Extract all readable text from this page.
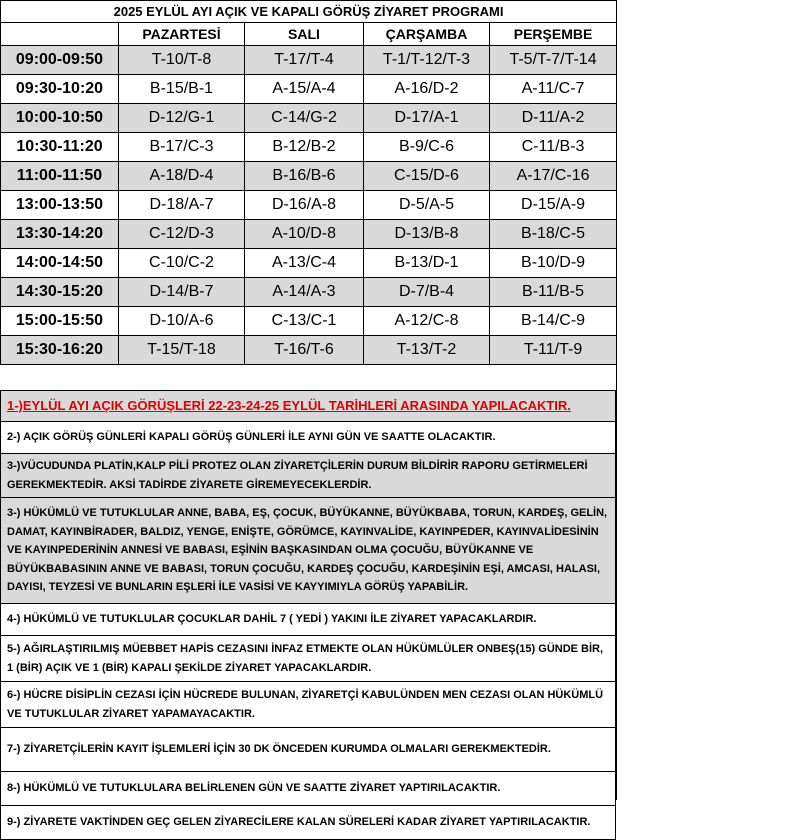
2025 EYLÜL AYI AÇIK VE KAPALI GÖRÜŞ ZİYARET PROGRAMI				
	PAZARTESİ	SALI	ÇARŞAMBA	PERŞEMBE
09:00-09:50	T-10/T-8	T-17/T-4	T-1/T-12/T-3	T-5/T-7/T-14
09:30-10:20	B-15/B-1	A-15/A-4	A-16/D-2	A-11/C-7
10:00-10:50	D-12/G-1	C-14/G-2	D-17/A-1	D-11/A-2
10:30-11:20	B-17/C-3	B-12/B-2	B-9/C-6	C-11/B-3
11:00-11:50	A-18/D-4	B-16/B-6	C-15/D-6	A-17/C-16
13:00-13:50	D-18/A-7	D-16/A-8	D-5/A-5	D-15/A-9
13:30-14:20	C-12/D-3	A-10/D-8	D-13/B-8	B-18/C-5
14:00-14:50	C-10/C-2	A-13/C-4	B-13/D-1	B-10/D-9
14:30-15:20	D-14/B-7	A-14/A-3	D-7/B-4	B-11/B-5
15:00-15:50	D-10/A-6	C-13/C-1	A-12/C-8	B-14/C-9
15:30-16:20	T-15/T-18	T-16/T-6	T-13/T-2	T-11/T-9
1-)EYLÜL AYI AÇIK GÖRÜŞLERİ 22-23-24-25 EYLÜL TARİHLERİ ARASINDA YAPILACAKTIR.
2-) AÇIK GÖRÜŞ GÜNLERİ KAPALI GÖRÜŞ GÜNLERİ İLE AYNI GÜN VE SAATTE OLACAKTIR.
3-)VÜCUDUNDA PLATİN,KALP PİLİ PROTEZ OLAN ZİYARETÇİLERİN DURUM BİLDİRİR RAPORU GETİRMELERİ GEREKMEKTEDİR. AKSİ TADİRDE ZİYARETE GİREMEYECEKLERDİR.
3-) HÜKÜMLÜ VE TUTUKLULAR ANNE, BABA, EŞ, ÇOCUK, BÜYÜKANNE, BÜYÜKBABA, TORUN, KARDEŞ, GELİN, DAMAT, KAYINBİRADER, BALDIZ, YENGE, ENİŞTE, GÖRÜMCE, KAYINVALİDE, KAYINPEDER, KAYINVALİDESİNİN VE KAYINPEDERİNİN ANNESİ VE BABASI, EŞİNİN BAŞKASINDAN OLMA ÇOCUĞU, BÜYÜKANNE VE BÜYÜKBABASININ ANNE VE BABASI, TORUN ÇOCUĞU, KARDEŞ ÇOCUĞU, KARDEŞİNİN EŞİ, AMCASI, HALASI, DAYISI, TEYZESİ VE BUNLARIN EŞLERİ İLE VASİSİ VE KAYYIMIYLA GÖRÜŞ YAPABİLİR.
4-) HÜKÜMLÜ VE TUTUKLULAR ÇOCUKLAR DAHİL 7 ( YEDİ ) YAKINI İLE ZİYARET YAPACAKLARDIR.
5-) AĞIRLAŞTIRILMIŞ MÜEBBET HAPİS CEZASINI İNFAZ ETMEKTE OLAN HÜKÜMLÜLER ONBEŞ(15) GÜNDE BİR, 1 (BİR) AÇIK VE 1 (BİR) KAPALI ŞEKİLDE ZİYARET YAPACAKLARDIR.
6-) HÜCRE DİSİPLİN CEZASI İÇİN HÜCREDE BULUNAN, ZİYARETÇİ KABULÜNDEN MEN CEZASI OLAN HÜKÜMLÜ VE TUTUKLULAR ZİYARET YAPAMAYACAKTIR.
7-) ZİYARETÇİLERİN KAYIT İŞLEMLERİ İÇİN 30 DK ÖNCEDEN KURUMDA OLMALARI GEREKMEKTEDİR.
8-) HÜKÜMLÜ VE TUTUKLULARA BELİRLENEN GÜN VE SAATTE ZİYARET YAPTIRILACAKTIR.
9-) ZİYARETE VAKTİNDEN GEÇ GELEN ZİYARECİLERE KALAN SÜRELERİ KADAR ZİYARET YAPTIRILACAKTIR.
